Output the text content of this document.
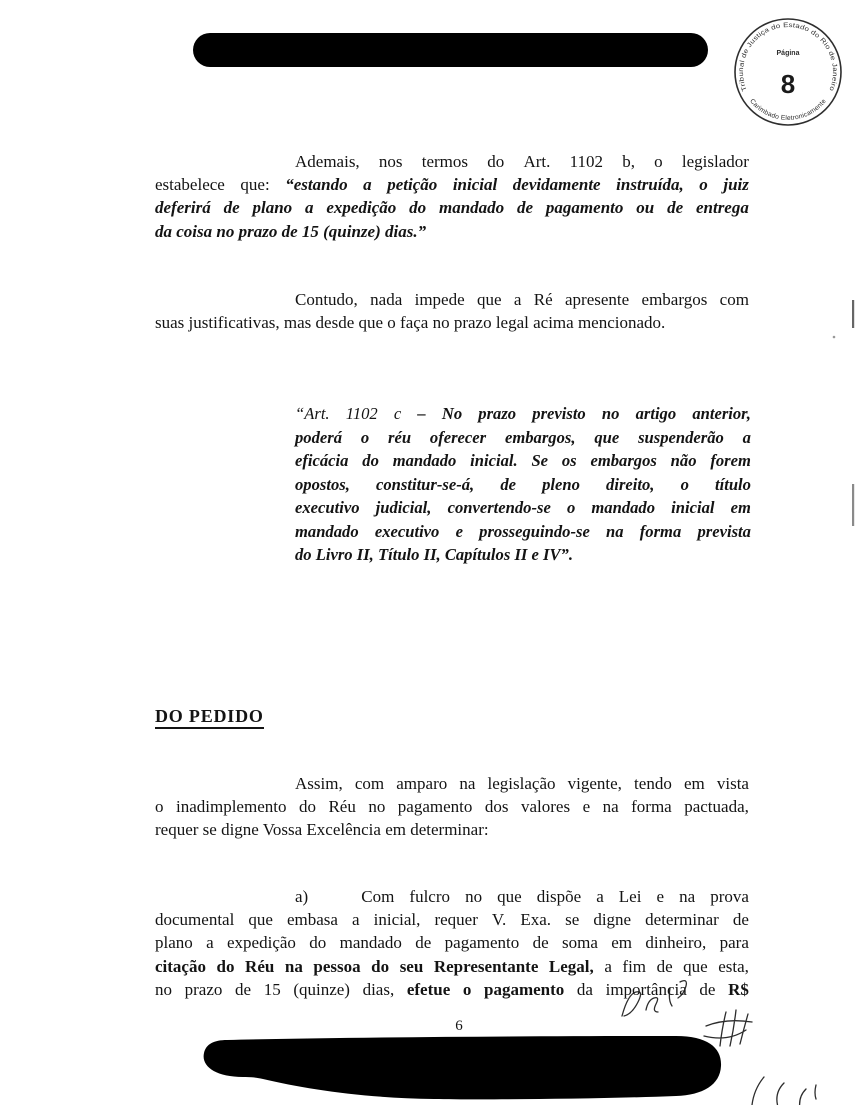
Tribunal de Justiça do Estado do Rio de Janeiro
Carimbado Eletronicamente
Página
8
Ademais, nos termos do Art. 1102 b, o legislador
estabelece que: “estando a petição inicial devidamente instruída, o juiz
deferirá de plano a expedição do mandado de pagamento ou de entrega
da coisa no prazo de 15 (quinze) dias.”
Contudo, nada impede que a Ré apresente embargos com
suas justificativas, mas desde que o faça no prazo legal acima mencionado.
“Art. 1102 c – No prazo previsto no artigo anterior,
poderá o réu oferecer embargos, que suspenderão a
eficácia do mandado inicial. Se os embargos não forem
opostos, constitur-se-á, de pleno direito, o título
executivo judicial, convertendo-se o mandado inicial em
mandado executivo e prosseguindo-se na forma prevista
do Livro II, Título II, Capítulos II e IV”.
DO PEDIDO
Assim, com amparo na legislação vigente, tendo em vista
o inadimplemento do Réu no pagamento dos valores e na forma pactuada,
requer se digne Vossa Excelência em determinar:
a)	Com fulcro no que dispõe a Lei e na prova
documental que embasa a inicial, requer V. Exa. se digne determinar de
plano a expedição do mandado de pagamento de soma em dinheiro, para
citação do Réu na pessoa do seu Representante Legal, a fim de que esta,
no prazo de 15 (quinze) dias, efetue o pagamento da importância de R$
6
